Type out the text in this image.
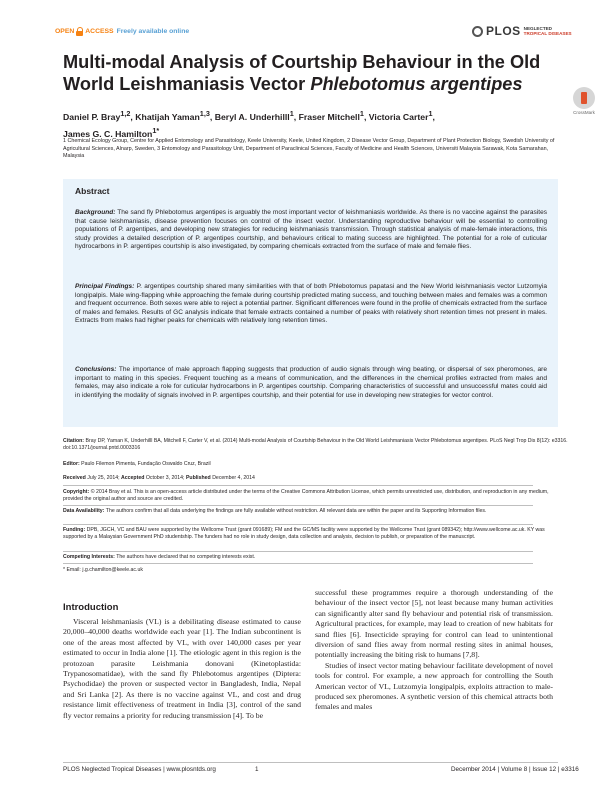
OPEN ACCESS Freely available online	PLOS NEGLECTED
TROPICAL DISEASES
CrossMark
Multi-modal Analysis of Courtship Behaviour in the Old World Leishmaniasis Vector Phlebotomus argentipes
Daniel P. Bray$^{1,2}$, Khatijah Yaman$^{1,3}$, Beryl A. Underhilll$^1$, Fraser Mitchell$^1$, Victoria Carter$^1$,
James G. C. Hamilton$^{1*}$
1 Chemical Ecology Group, Centre for Applied Entomology and Parasitology, Keele University, Keele, United Kingdom, 2 Disease Vector Group, Department of Plant Protection Biology, Swedish University of Agricultural Sciences, Alnarp, Sweden, 3 Entomology and Parasitology Unit, Department of Paraclinical Sciences, Faculty of Medicine and Health Sciences, Universiti Malaysia Sarawak, Kota Samarahan, Malaysia
Abstract

Background: The sand fly Phlebotomus argentipes is arguably the most important vector of leishmaniasis worldwide. As there is no vaccine against the parasites that cause leishmaniasis, disease prevention focuses on control of the insect vector. Understanding reproductive behaviour will be essential to controlling populations of P. argentipes, and developing new strategies for reducing leishmaniasis transmission. Through statistical analysis of male-female interactions, this study provides a detailed description of P. argentipes courtship, and behaviours critical to mating success are highlighted. The potential for a role of cuticular hydrocarbons in P. argentipes courtship is also investigated, by comparing chemicals extracted from the surface of male and female flies.

Principal Findings: P. argentipes courtship shared many similarities with that of both Phlebotomus papatasi and the New World leishmaniasis vector Lutzomyia longipalpis. Male wing-flapping while approaching the female during courtship predicted mating success, and touching between males and females was a common and frequent occurrence. Both sexes were able to reject a potential partner. Significant differences were found in the profile of chemicals extracted from the surface of males and females. Results of GC analysis indicate that female extracts contained a number of peaks with relatively short retention times not present in males. Extracts from males had higher peaks for chemicals with relatively long retention times.

Conclusions: The importance of male approach flapping suggests that production of audio signals through wing beating, or dispersal of sex pheromones, are important to mating in this species. Frequent touching as a means of communication, and the differences in the chemical profiles extracted from males and females, may also indicate a role for cuticular hydrocarbons in P. argentipes courtship. Comparing characteristics of successful and unsuccessful mates could aid in identifying the modality of signals involved in P. argentipes courtship, and their potential for use in developing new strategies for vector control.

Citation: Bray DP, Yaman K, Underhilll BA, Mitchell F, Carter V, et al. (2014) Multi-modal Analysis of Courtship Behaviour in the Old World Leishmaniasis Vector Phlebotomus argentipes. PLoS Negl Trop Dis 8(12): e3316. doi:10.1371/journal.pntd.0003316
Editor: Paulo Filemon Pimenta, Fundação Oswaldo Cruz, Brazil
Received July 25, 2014; Accepted October 3, 2014; Published December 4, 2014
Copyright: © 2014 Bray et al. This is an open-access article distributed under the terms of the Creative Commons Attribution License, which permits unrestricted use, distribution, and reproduction in any medium, provided the original author and source are credited.
Data Availability: The authors confirm that all data underlying the findings are fully available without restriction. All relevant data are within the paper and its Supporting Information files.
Funding: DPB, JGCH, VC and BAU were supported by the Wellcome Trust (grant 091689); FM and the GC/MS facility were supported by the Wellcome Trust (grant 089342); http://www.wellcome.ac.uk. KY was supported by a Malaysian Government PhD studentship. The funders had no role in study design, data collection and analysis, decision to publish, or preparation of the manuscript.
Competing Interests: The authors have declared that no competing interests exist.
* Email: j.g.chamilton@keele.ac.uk
Introduction

Visceral leishmaniasis (VL) is a debilitating disease estimated to cause 20,000–40,000 deaths worldwide each year [1]. The Indian subcontinent is one of the areas most affected by VL, with over 140,000 cases per year estimated to occur in India alone [1]. The etiologic agent in this region is the protozoan parasite Leishmania donovani (Kinetoplastida: Trypanosomatidae), with the sand fly Phlebotomus argentipes (Diptera: Psychodidae) the proven or suspected vector in Bangladesh, India, Nepal and Sri Lanka [2]. As there is no vaccine against VL, and cost and drug resistance limit effectiveness of treatment in India [3], control of the sand fly vector remains a priority for reducing transmission [4]. To be

successful these programmes require a thorough understanding of the behaviour of the insect vector [5], not least because many human activities can significantly alter sand fly behaviour and potential risk of transmission. Agricultural practices, for example, may lead to creation of new habitats for sand flies [6]. Insecticide spraying for control can lead to unintentional diversion of sand flies away from normal resting sites in animal houses, potentially increasing the biting risk to humans [7,8].

Studies of insect vector mating behaviour facilitate development of novel tools for control. For example, a new approach for controlling the South American vector of VL, Lutzomyia longipalpis, exploits attraction to male-produced sex pheromones. A synthetic version of this chemical attracts both females and males

PLOS Neglected Tropical Diseases | www.plosntds.org	1	December 2014 | Volume 8 | Issue 12 | e3316
